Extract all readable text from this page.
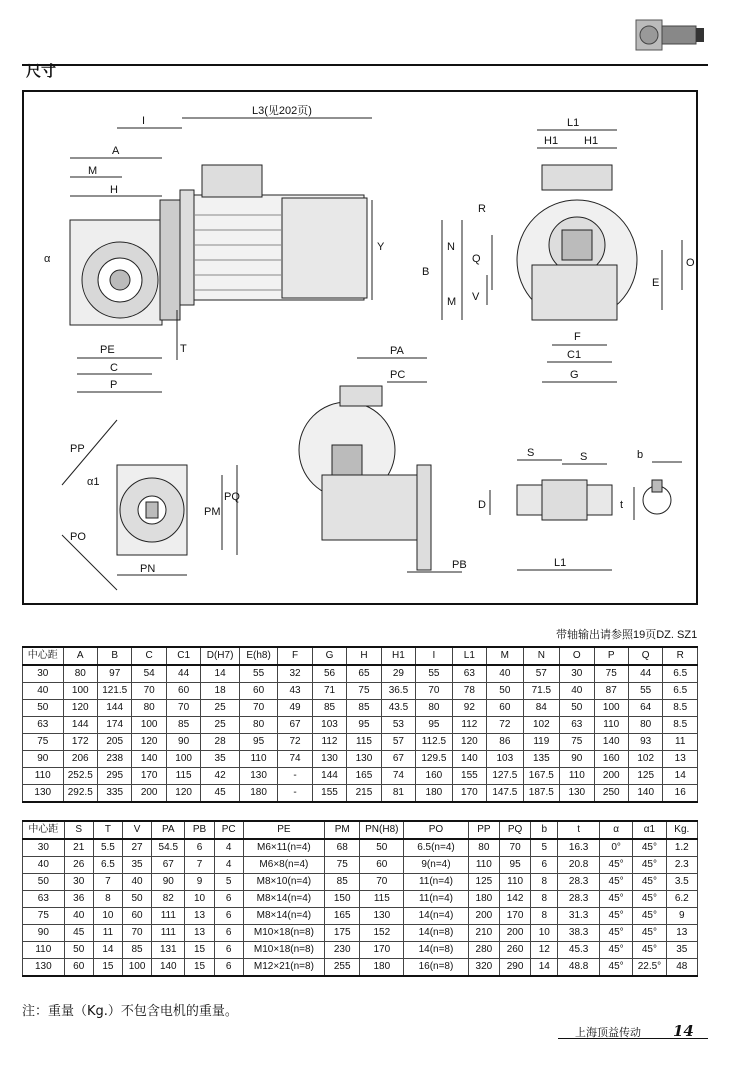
尺寸
I
L3(见202页)
A
M
H
α
Y
PE	T
C
P
L1
H1 H1
R
B
N
Q
M V
O
E
F
C1
G
PA
PC
PB
PP
α1
PM
PQ
PO
PN
S	S
D
L1
b
t
带轴输出请参照19页DZ. SZ1
中心距	A	B	C	C1	D(H7)	E(h8)	F	G	H	H1	I	L1	M	N	O	P	Q	R
30	80	97	54	44	14	55	32	56	65	29	55	63	40	57	30	75	44	6.5
40	100	121.5	70	60	18	60	43	71	75	36.5	70	78	50	71.5	40	87	55	6.5
50	120	144	80	70	25	70	49	85	85	43.5	80	92	60	84	50	100	64	8.5
63	144	174	100	85	25	80	67	103	95	53	95	112	72	102	63	110	80	8.5
75	172	205	120	90	28	95	72	112	115	57	112.5	120	86	119	75	140	93	11
90	206	238	140	100	35	110	74	130	130	67	129.5	140	103	135	90	160	102	13
110	252.5	295	170	115	42	130	-	144	165	74	160	155	127.5	167.5	110	200	125	14
130	292.5	335	200	120	45	180	-	155	215	81	180	170	147.5	187.5	130	250	140	16
中心距	S	T	V	PA	PB	PC	PE	PM	PN(H8)	PO	PP	PQ	b	t	α	α1	Kg.
30	21	5.5	27	54.5	6	4	M6×11(n=4)	68	50	6.5(n=4)	80	70	5	16.3	0°	45°	1.2
40	26	6.5	35	67	7	4	M6×8(n=4)	75	60	9(n=4)	110	95	6	20.8	45°	45°	2.3
50	30	7	40	90	9	5	M8×10(n=4)	85	70	11(n=4)	125	110	8	28.3	45°	45°	3.5
63	36	8	50	82	10	6	M8×14(n=4)	150	115	11(n=4)	180	142	8	28.3	45°	45°	6.2
75	40	10	60	111	13	6	M8×14(n=4)	165	130	14(n=4)	200	170	8	31.3	45°	45°	9
90	45	11	70	111	13	6	M10×18(n=8)	175	152	14(n=8)	210	200	10	38.3	45°	45°	13
110	50	14	85	131	15	6	M10×18(n=8)	230	170	14(n=8)	280	260	12	45.3	45°	45°	35
130	60	15	100	140	15	6	M12×21(n=8)	255	180	16(n=8)	320	290	14	48.8	45°	22.5°	48
注：重量（Kg.）不包含电机的重量。
上海顶益传动 14
